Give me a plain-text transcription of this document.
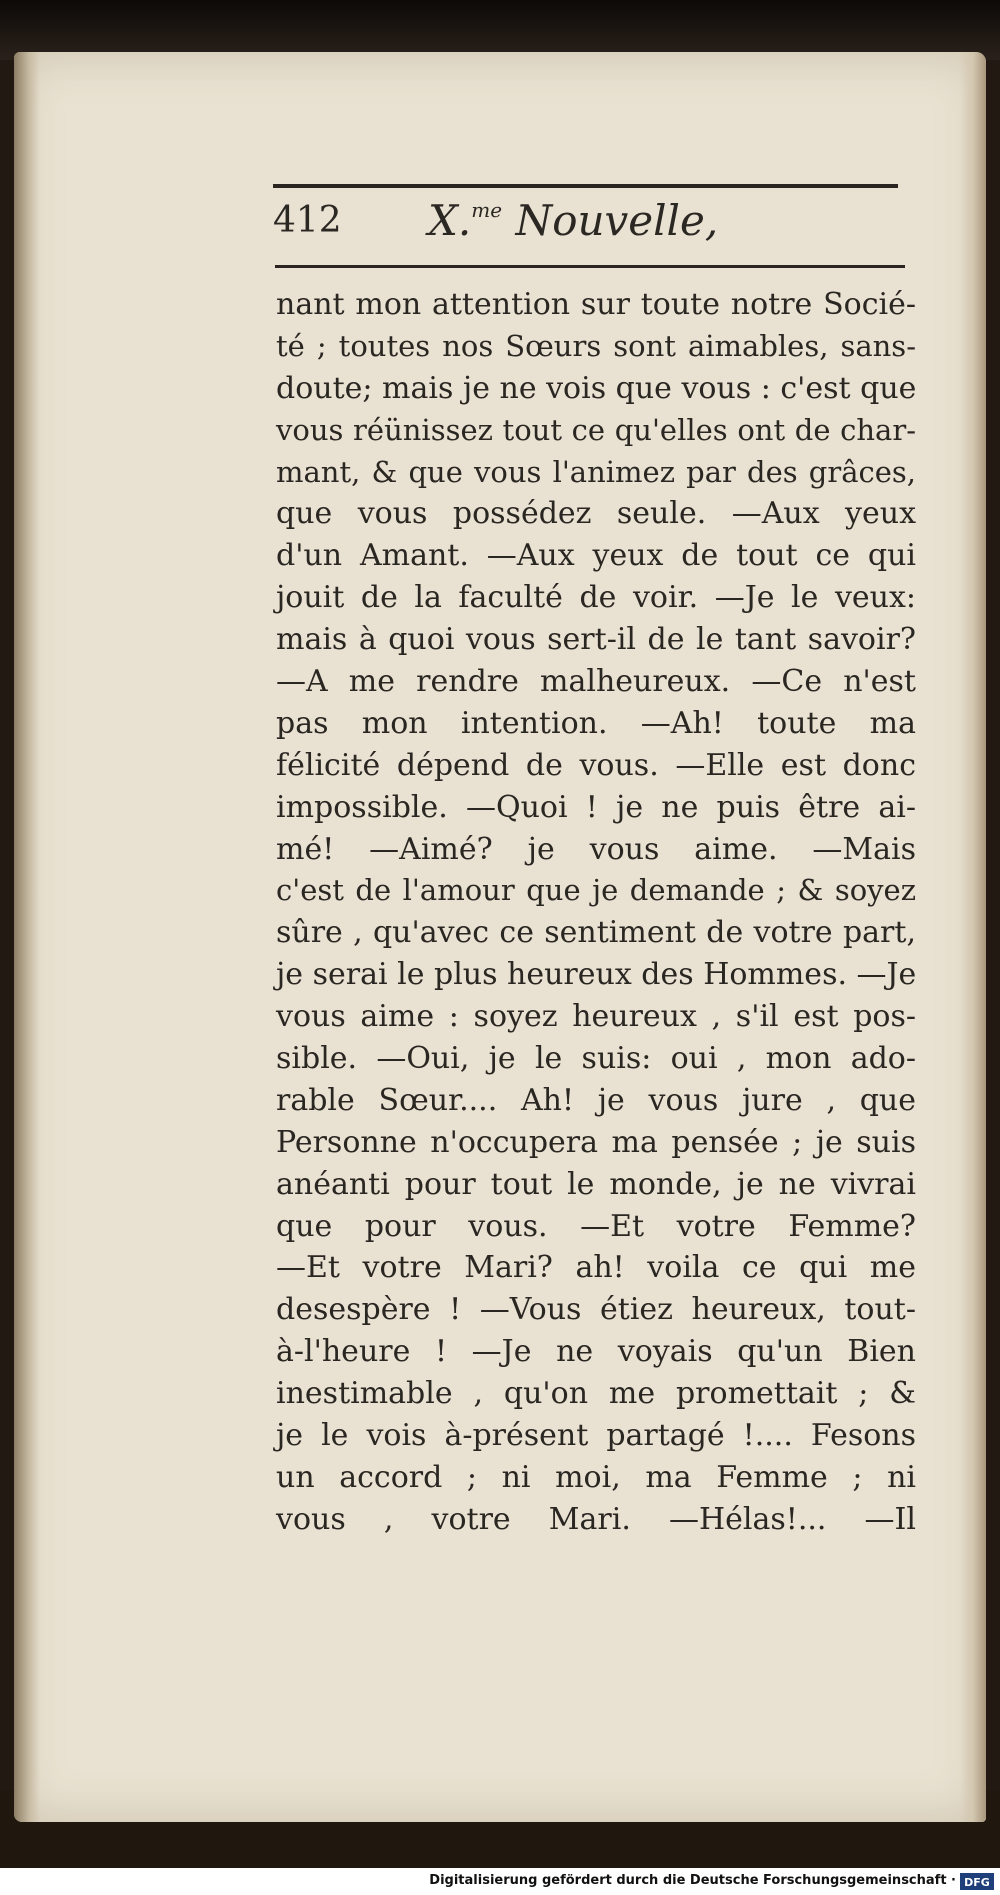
412 X.$^{me}$ Nouvelle,
nant mon attention sur toute notre Socié-
té ; toutes nos Sœurs sont aimables, sans-
doute; mais je ne vois que vous : c'est que
vous réünissez tout ce qu'elles ont de char-
mant, & que vous l'animez par des grâces,
que vous possédez seule. —Aux yeux
d'un Amant. —Aux yeux de tout ce qui
jouit de la faculté de voir. —Je le veux:
mais à quoi vous sert-il de le tant savoir?
—A me rendre malheureux. —Ce n'est
pas mon intention. —Ah! toute ma
félicité dépend de vous. —Elle est donc
impossible. —Quoi ! je ne puis être ai-
mé! —Aimé? je vous aime. —Mais
c'est de l'amour que je demande ; & soyez
sûre , qu'avec ce sentiment de votre part,
je serai le plus heureux des Hommes. —Je
vous aime : soyez heureux , s'il est pos-
sible. —Oui, je le suis: oui , mon ado-
rable Sœur.... Ah! je vous jure , que
Personne n'occupera ma pensée ; je suis
anéanti pour tout le monde, je ne vivrai
que pour vous. —Et votre Femme?
—Et votre Mari? ah! voila ce qui me
desespère ! —Vous étiez heureux, tout-
à-l'heure ! —Je ne voyais qu'un Bien
inestimable , qu'on me promettait ; &
je le vois à-présent partagé !.... Fesons
un accord ; ni moi, ma Femme ; ni
vous , votre Mari. —Hélas!... —Il
Digitalisierung gefördert durch die Deutsche Forschungsgemeinschaft · DFG
